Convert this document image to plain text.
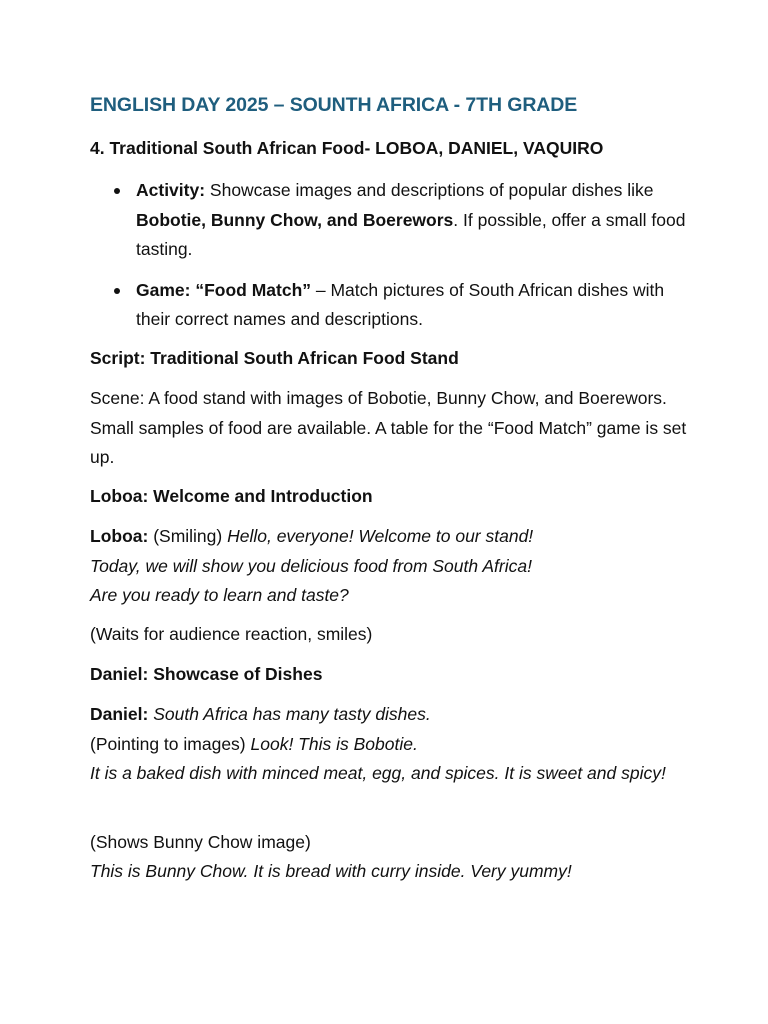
ENGLISH DAY 2025 – SOUNTH AFRICA - 7TH GRADE
4. Traditional South African Food- LOBOA, DANIEL, VAQUIRO
Activity: Showcase images and descriptions of popular dishes like Bobotie, Bunny Chow, and Boerewors. If possible, offer a small food tasting.
Game: “Food Match” – Match pictures of South African dishes with their correct names and descriptions.
Script: Traditional South African Food Stand
Scene: A food stand with images of Bobotie, Bunny Chow, and Boerewors. Small samples of food are available. A table for the “Food Match” game is set up.
Loboa: Welcome and Introduction
Loboa: (Smiling) Hello, everyone! Welcome to our stand!
Today, we will show you delicious food from South Africa!
Are you ready to learn and taste?
(Waits for audience reaction, smiles)
Daniel: Showcase of Dishes
Daniel: South Africa has many tasty dishes.
(Pointing to images) Look! This is Bobotie.
It is a baked dish with minced meat, egg, and spices. It is sweet and spicy!
(Shows Bunny Chow image)
This is Bunny Chow. It is bread with curry inside. Very yummy!
